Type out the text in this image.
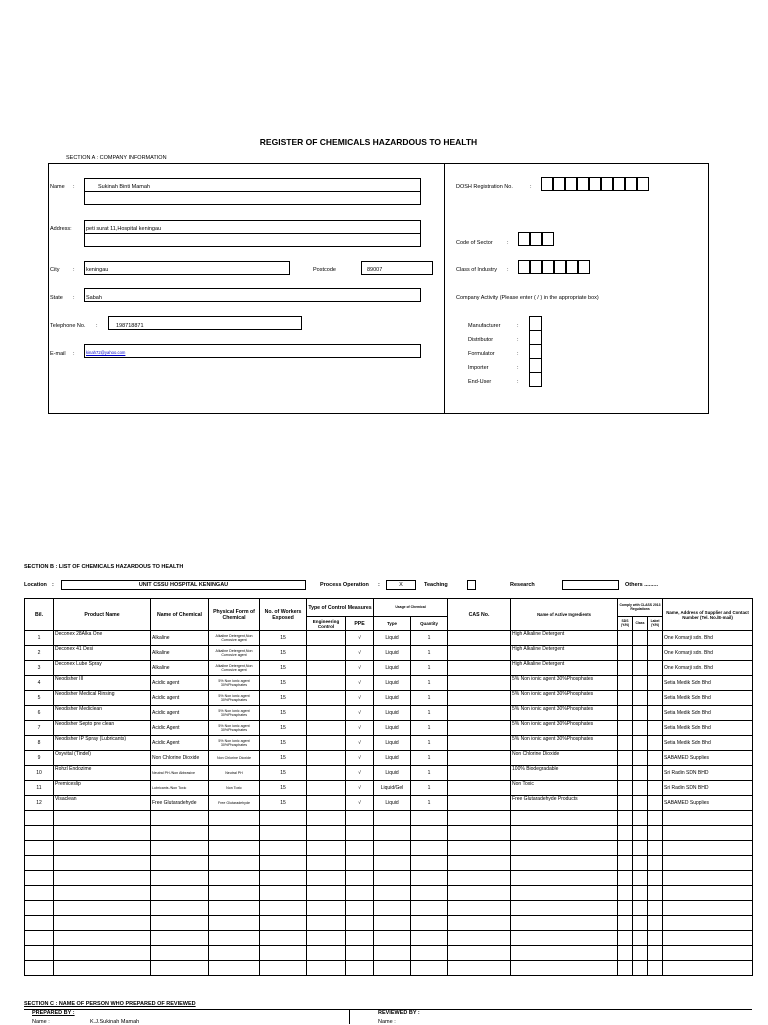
REGISTER OF CHEMICALS HAZARDOUS TO HEALTH
SECTION A : COMPANY INFORMATION
Name :	Sukinah Binti Mamah
Address:	peti surat 11,Hospital keningau
City : keningau	Postcode	89007
State : Sabah
Telephone No. :	198718871
E-mail :	kinah72@yahoo.com
DOSH Registration No.	:
Code of Sector	:
Class of Industry :
Company Activity (Please enter ( / ) in the appropriate box)
Manufacturer	:
Distributor	:
Formulator	:
Importer	:
End-User	:
SECTION B : LIST OF CHEMICALS HAZARDOUS TO HEALTH
Location :	UNIT CSSU HOSPITAL KENINGAU	Process Operation :	X	Teaching	Research	Others .........
Bil.	Product Name	Name of Chemical	Physical Form of Chemical	No. of Workers Exposed	Type of Control Measures		Usage of Chemical		CAS No.	Name of Active Ingredients	Comply with CLASS 2013 Regulations			Name, Address of Supplier and Contact Number (Tel. No./E-mail)
					Engineering Control	PPE	Type	Quantity			SDS (Y/N)	Class	Label (Y/N)	
1	Deconex 28Alka One	Alkaline	Alkaline Detergent,Non Corrosive agent	15		√	Liquid	1		High Alkaline Detergent				One Komarji sdn. Bhd
2	Deconex 41 Desi	Alkaline	Alkaline Detergent,Non Corrosive agent	15		√	Liquid	1		High Alkaline Detergent				One Komarji sdn. Bhd
3	Deconex Lube Spray	Alkaline	Alkaline Detergent,Non Corrosive agent	15		√	Liquid	1		High Alkaline Detergent				One Komarji sdn. Bhd
4	Neodisher III	Acidic agent	5% Non ionic agent 30%Phosphates	15		√	Liquid	1		5% Non ionic agent 30%Phosphates				Setia Medik Sdn Bhd
5	Neodisher Medical Rinsing	Acidic agent	5% Non ionic agent 30%Phosphates	15		√	Liquid	1		5% Non ionic agent 30%Phosphates				Setia Medik Sdn Bhd
6	Neodisher Mediclean	Acidic agent	5% Non ionic agent 30%Phosphates	15		√	Liquid	1		5% Non ionic agent 30%Phosphates				Setia Medik Sdn Bhd
7	Neodisher Septo pre clean	Acidic Agent	5% Non ionic agent 30%Phosphates	15		√	Liquid	1		5% Non ionic agent 30%Phosphates				Setia Medik Sdn Bhd
8	Neodisher IP Spray (Lubricants)	Acidic Agent	5% Non ionic agent 30%Phosphates	15		√	Liquid	1		5% Non ionic agent 30%Phosphates				Setia Medik Sdn Bhd
9	Oxyvital (Tindel)	Non Chlorine Dioxide	Non Chlorine Dioxide	15		√	Liquid	1		Non Chlorine Dioxide				SABAMED Supplies
10	Rohzl Endozime	Neutral PH /Non Abbrasive	Neutral PH	15		√	Liquid	1		100% Biodegradable				Sri Radin SDN BHD
11	Premiceslip	Lubricants /Non Toxic	Non Toxic	15		√	Liquid/Gel	1		Non Toxic				Sri Radin SDN BHD
12	Visaclean	Free Glutaradehyde	Free Glutaradehyde	15		√	Liquid	1		Free Glutaradehyde Products				SABAMED Supplies

SECTION C : NAME OF PERSON WHO PREPARED OF REVIEWED
PREPARED BY :	REVIEWED BY :
Name :	K.J.Sukinah Mamah	Name :
